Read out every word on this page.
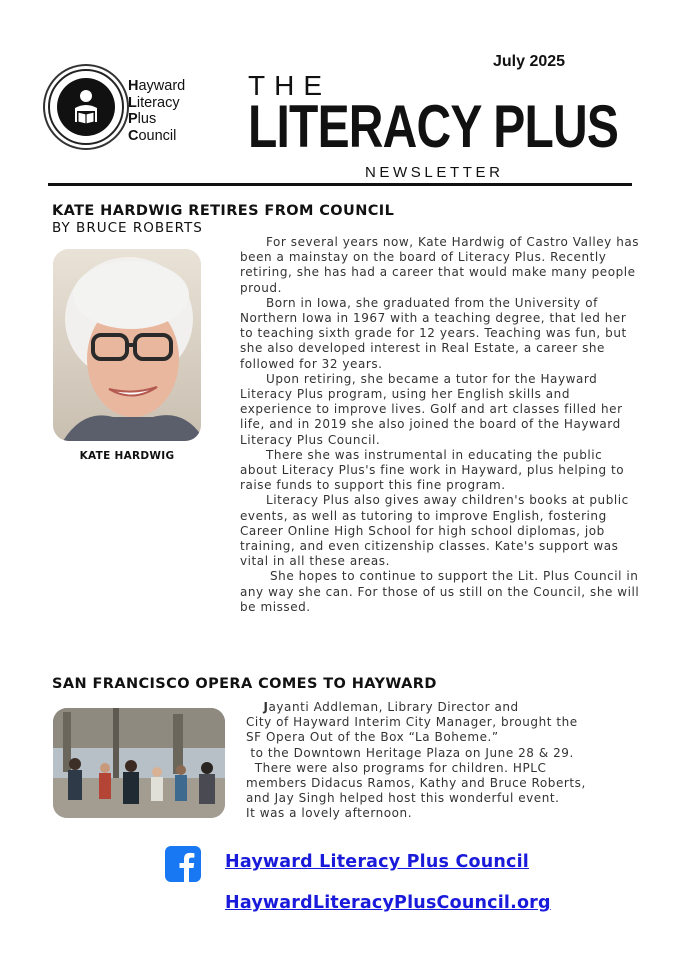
Hayward
Literacy
Plus
Council
July 2025
THE
LITERACY PLUS
NEWSLETTER
KATE HARDWIG RETIRES FROM COUNCIL
BY BRUCE ROBERTS
KATE HARDWIG

For several years now, Kate Hardwig of Castro Valley has been a mainstay on the board of Literacy Plus. Recently retiring, she has had a career that would make many people proud.

Born in Iowa, she graduated from the University of Northern Iowa in 1967 with a teaching degree, that led her to teaching sixth grade for 12 years. Teaching was fun, but she also developed interest in Real Estate, a career she followed for 32 years.

Upon retiring, she became a tutor for the Hayward Literacy Plus program, using her English skills and experience to improve lives. Golf and art classes filled her life, and in 2019 she also joined the board of the Hayward Literacy Plus Council.

There she was instrumental in educating the public about Literacy Plus's fine work in Hayward, plus helping to raise funds to support this fine program.

Literacy Plus also gives away children's books at public events, as well as tutoring to improve English, fostering Career Online High School for high school diplomas, job training, and even citizenship classes. Kate's support was vital in all these areas.

She hopes to continue to support the Lit. Plus Council in any way she can. For those of us still on the Council, she will be missed.

SAN FRANCISCO OPERA COMES TO HAYWARD

Jayanti Addleman, Library Director and

City of Hayward Interim City Manager, brought the

SF Opera Out of the Box “La Boheme.”

to the Downtown Heritage Plaza on June 28 & 29.

There were also programs for children. HPLC

members Didacus Ramos, Kathy and Bruce Roberts,

and Jay Singh helped host this wonderful event.

It was a lovely afternoon.

Hayward Literacy Plus Council
HaywardLiteracyPlusCouncil.org
